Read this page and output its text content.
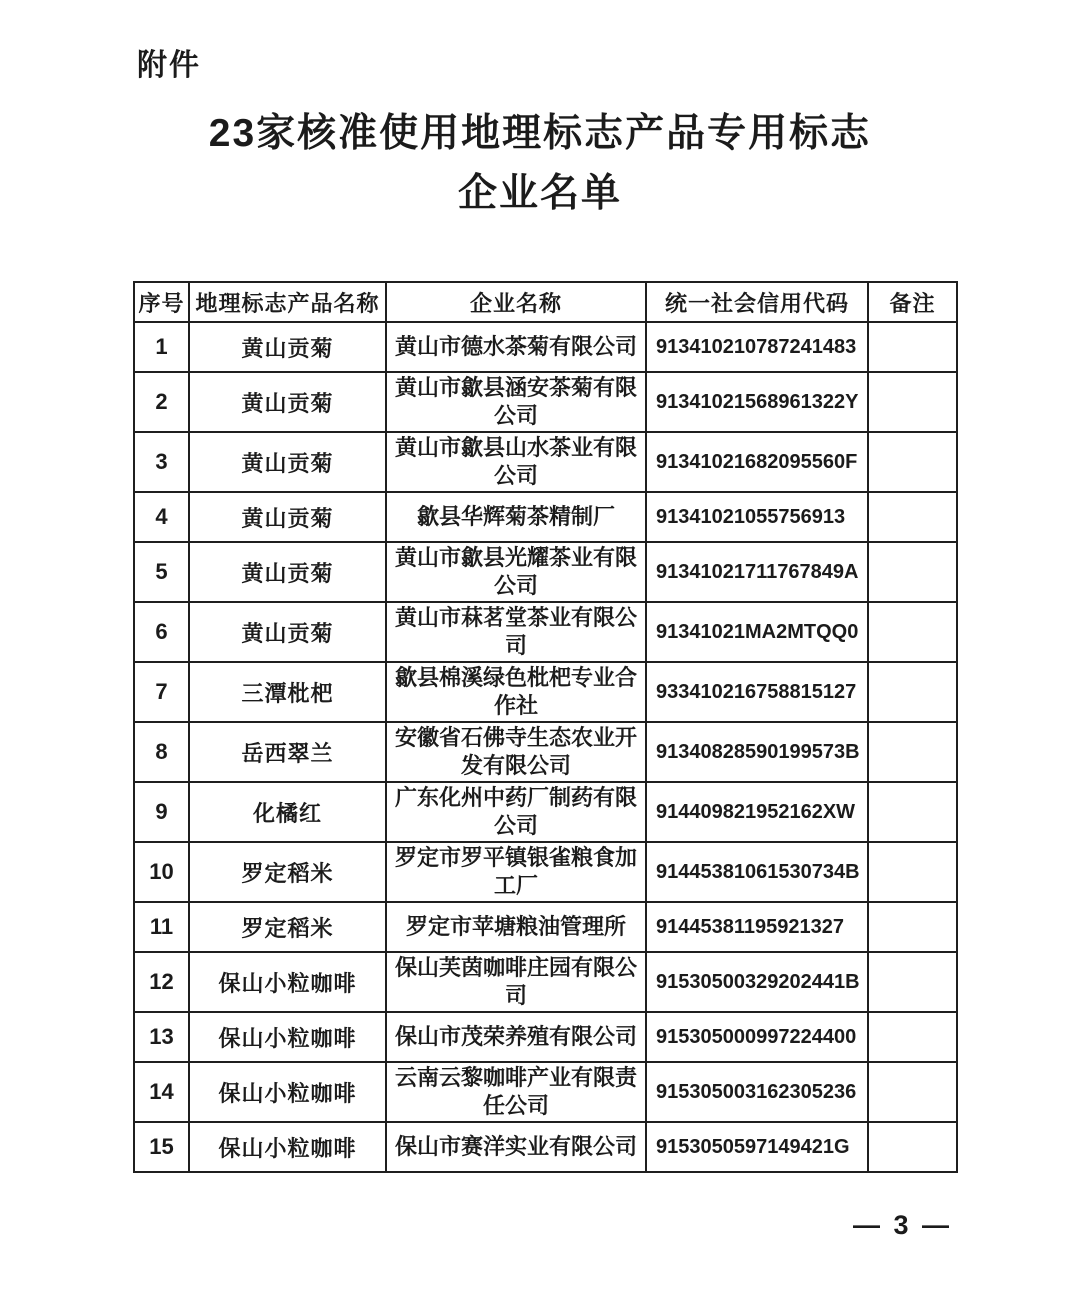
附件
23家核准使用地理标志产品专用标志
企业名单
序号	地理标志产品名称	企业名称	统一社会信用代码	备注
1	黄山贡菊	黄山市德水茶菊有限公司	913410210787241483	
2	黄山贡菊	黄山市歙县涵安茶菊有限公司	91341021568961322Y	
3	黄山贡菊	黄山市歙县山水茶业有限公司	91341021682095560F	
4	黄山贡菊	歙县华辉菊茶精制厂	91341021055756913	
5	黄山贡菊	黄山市歙县光耀茶业有限公司	91341021711767849A	
6	黄山贡菊	黄山市菻茗堂茶业有限公司	91341021MA2MTQQ0	
7	三潭枇杷	歙县棉溪绿色枇杷专业合作社	933410216758815127	
8	岳西翠兰	安徽省石佛寺生态农业开发有限公司	91340828590199573B	
9	化橘红	广东化州中药厂制药有限公司	914409821952162XW	
10	罗定稻米	罗定市罗平镇银雀粮食加工厂	91445381061530734B	
11	罗定稻米	罗定市苹塘粮油管理所	91445381195921327	
12	保山小粒咖啡	保山芙茵咖啡庄园有限公司	91530500329202441B	
13	保山小粒咖啡	保山市茂荣养殖有限公司	915305000997224400	
14	保山小粒咖啡	云南云黎咖啡产业有限责任公司	915305003162305236	
15	保山小粒咖啡	保山市赛洋实业有限公司	9153050597149421G	
— 3 —
